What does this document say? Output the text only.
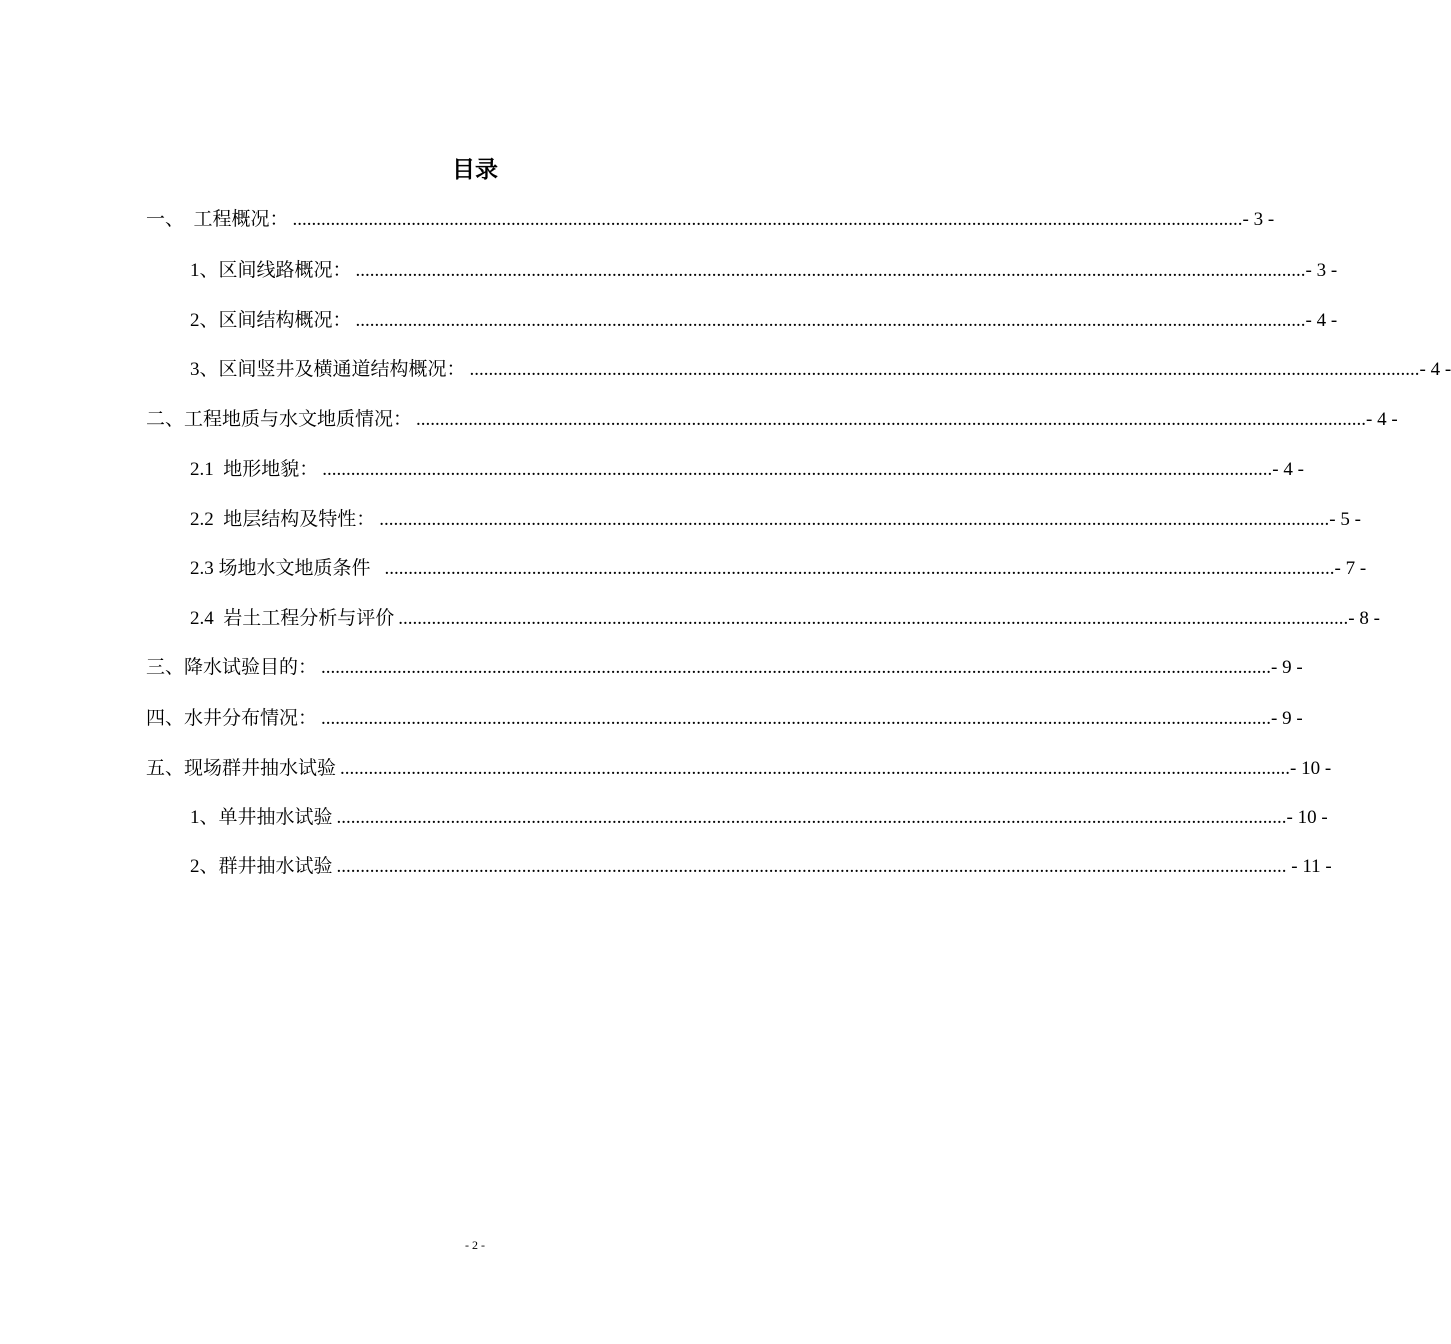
目录
一、  工程概况： ........................................................................................................................................................................................................ - 3 -
1、区间线路概况： ........................................................................................................................................................................................................ - 3 -
2、区间结构概况： ........................................................................................................................................................................................................ - 4 -
3、区间竖井及横通道结构概况： ........................................................................................................................................................................................................ - 4 -
二、工程地质与水文地质情况： ........................................................................................................................................................................................................ - 4 -
2.1  地形地貌： ........................................................................................................................................................................................................ - 4 -
2.2  地层结构及特性： ........................................................................................................................................................................................................ - 5 -
2.3 场地水文地质条件 ........................................................................................................................................................................................................ - 7 -
2.4  岩土工程分析与评价 ........................................................................................................................................................................................................ - 8 -
三、降水试验目的： ........................................................................................................................................................................................................ - 9 -
四、水井分布情况： ........................................................................................................................................................................................................ - 9 -
五、现场群井抽水试验 ........................................................................................................................................................................................................ - 10 -
1、单井抽水试验 ........................................................................................................................................................................................................ - 10 -
2、群井抽水试验 ........................................................................................................................................................................................................ - 11 -
- 2 -
